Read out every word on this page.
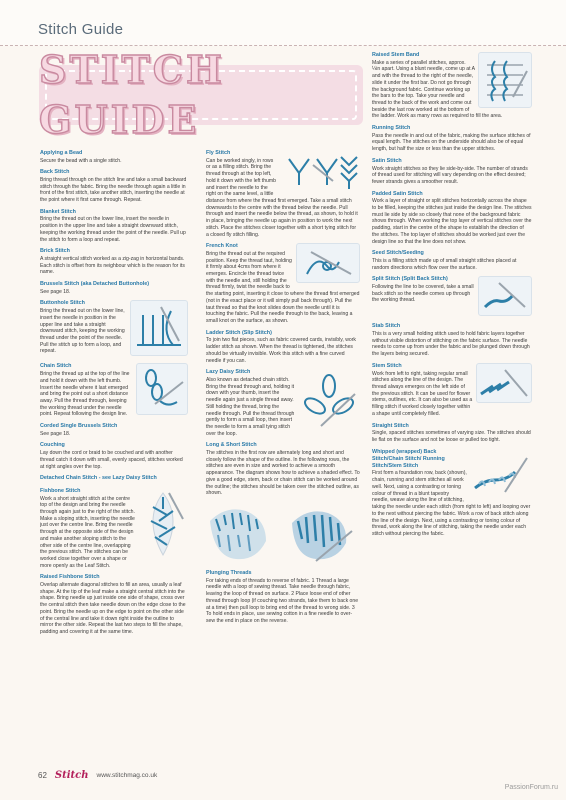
Stitch Guide
STITCH GUIDE
Applying a Bead

Secure the bead with a single stitch.

Back Stitch

Bring thread through on the stitch line and take a small backward stitch through the fabric. Bring the needle through again a little in front of the first stitch, take another stitch, inserting the needle at the point where it first came through. Repeat.

Blanket Stitch

Bring the thread out on the lower line, insert the needle in position in the upper line and take a straight downward stitch, keeping the working thread under the point of the needle. Pull up the stitch to form a loop and repeat.

Brick Stitch

A straight vertical stitch worked as a zig-zag in horizontal bands. Each stitch is offset from its neighbour which is the reason for its name.

Brussels Stitch (aka Detached Buttonhole)

See page 18.

Buttonhole Stitch

Bring the thread out on the lower line, insert the needle in position in the upper line and take a straight downward stitch, keeping the working thread under the point of the needle. Pull the stitch up to form a loop, and repeat.

Chain Stitch

Bring the thread up at the top of the line and hold it down with the left thumb. Insert the needle where it last emerged and bring the point out a short distance away. Pull the thread through, keeping the working thread under the needle point. Repeat following the design line.

Corded Single Brussels Stitch

See page 18.

Couching

Lay down the cord or braid to be couched and with another thread catch it down with small, evenly spaced, stitches worked at right angles over the top.

Detached Chain Stitch - see Lazy Daisy Stitch
Fishbone Stitch

Work a short straight stitch at the centre top of the design and bring the needle through again just to the right of the stitch. Make a sloping stitch, inserting the needle just over the centre line. Bring the needle through at the opposite side of the design and make another sloping stitch to the other side of the centre line, overlapping the previous stitch. The stitches can be worked close together over a shape or more openly as the Leaf Stitch.

Raised Fishbone Stitch

Overlap alternate diagonal stitches to fill an area, usually a leaf shape. At the tip of the leaf make a straight central stitch into the shape. Bring needle up just inside one side of shape, cross over the central stitch then take needle down on the edge close to the point. Bring the needle up on the edge to point on the other side of the central line and take it down right inside the outline to mirror the other side. Repeat the last two steps to fill the shape, padding and covering it at the same time.

Fly Stitch

Can be worked singly, in rows or as a filling stitch. Bring the thread through at the top left, hold it down with the left thumb and insert the needle to the right on the same level, a little distance from where the thread first emerged. Take a small stitch downwards to the centre with the thread below the needle. Pull through and insert the needle below the thread, as shown, to hold it in place, bringing the needle up again in position to work the next stitch. Place the stitches closer together with a short tying stitch for a closed fly stitch filling.

French Knot

Bring the thread out at the required position. Keep the thread taut, holding it firmly about 4cms from where it emerges. Encircle the thread twice with the needle and, still holding the thread firmly, twist the needle back to the starting point, inserting it close to where the thread first emerged (not in the exact place or it will simply pull back through). Pull the taut thread so that the knot slides down the needle until it is touching the fabric. Pull the needle through to the back, leaving a small knot on the surface, as shown.

Ladder Stitch (Slip Stitch)

To join two flat pieces, such as fabric covered cards, invisibly, work ladder stitch as shown. When the thread is tightened, the stitches should be virtually invisible. Work this stitch with a fine curved needle if you can.

Lazy Daisy Stitch

Also known as detached chain stitch. Bring the thread through and, holding it down with your thumb, insert the needle again just a single thread away. Still holding the thread, bring the needle through. Pull the thread through gently to form a small loop, then insert the needle to form a small tying stitch over the loop.

Long & Short Stitch

The stitches in the first row are alternately long and short and closely follow the shape of the outline. In the following rows, the stitches are even in size and worked to achieve a smooth appearance. The diagram shows how to achieve a shaded effect. To give a good edge, stem, back or chain stitch can be worked around the outline; the stitches should be taken over the stitched outline, as shown.

Plunging Threads

For taking ends of threads to reverse of fabric. 1 Thread a large needle with a loop of sewing thread. Take needle through fabric, leaving the loop of thread on surface. 2 Place loose end of other thread through loop (if couching two strands, take them to back one at a time) then pull loop to bring end of the thread to wrong side. 3 To hold ends in place, use sewing cotton in a fine needle to over-sew the end in place on the reverse.

Raised Stem Band

Make a series of parallel stitches, approx. ¼in apart. Using a blunt needle, come up at A and with the thread to the right of the needle, slide it under the first bar. Do not go through the background fabric. Continue working up the bars to the top. Take your needle and thread to the back of the work and come out beside the last row worked at the bottom of the ladder. Work as many rows as required to fill the area.

Running Stitch

Pass the needle in and out of the fabric, making the surface stitches of equal length. The stitches on the underside should also be of equal length, but half the size or less than the upper stitches.

Satin Stitch

Work straight stitches so they lie side-by-side. The number of strands of thread used for stitching will vary depending on the effect desired; fewer strands gives a smoother result.

Padded Satin Stitch

Work a layer of straight or split stitches horizontally across the shape to be filled, keeping the stitches just inside the design line. The stitches must lie side by side so closely that none of the background fabric shows through. When working the top layer of vertical stitches over the padding, start in the centre of the shape to establish the direction of the stitches. The top layer of stitches should be worked just over the design line so that the line does not show.

Seed Stitch/Seeding

This is a filling stitch made up of small straight stitches placed at random directions which flow over the surface.

Split Stitch (Split Back Stitch)

Following the line to be covered, take a small back stitch so the needle comes up through the working thread.

Stab Stitch

This is a very small holding stitch used to hold fabric layers together without visible distortion of stitching on the fabric surface. The needle needs to come up from under the fabric and be plunged down through the layers being secured.

Stem Stitch

Work from left to right, taking regular small stitches along the line of the design. The thread always emerges on the left side of the previous stitch. It can be used for flower stems, outlines, etc. It can also be used as a filling stitch if worked closely together within a shape until completely filled.

Straight Stitch

Single, spaced stitches sometimes of varying size. The stitches should lie flat on the surface and not be loose or pulled too tight.

Whipped (wrapped) Back Stitch/Chain Stitch/ Running Stitch/Stem Stitch

First form a foundation row, back (shown), chain, running and stem stitches all work well. Next, using a contrasting or toning colour of thread in a blunt tapestry needle, weave along the line of stitching, taking the needle under each stitch (from right to left) and looping over to the next without piercing the fabric. Work a row of back stitch along the line of the design. Next, using a contrasting or toning colour of thread, work along the line of stitching, taking the needle under each stitch without piercing the fabric.

62 Stitch www.stitchmag.co.uk
PassionForum.ru
